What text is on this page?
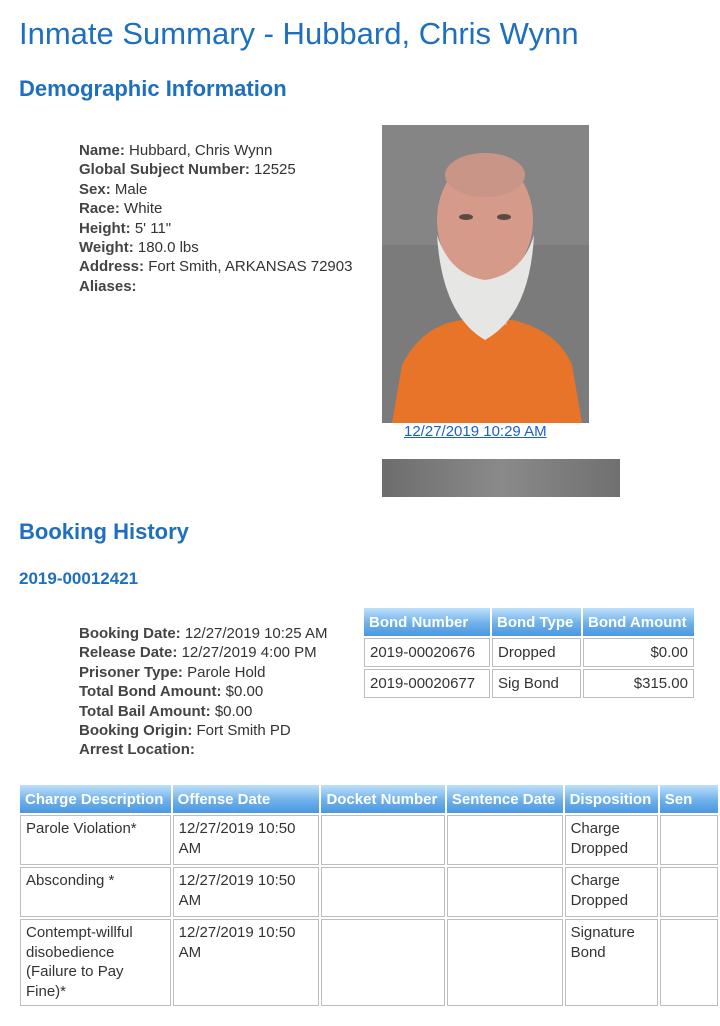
Inmate Summary - Hubbard, Chris Wynn
Demographic Information
Name: Hubbard, Chris Wynn
Global Subject Number: 12525
Sex: Male
Race: White
Height: 5' 11"
Weight: 180.0 lbs
Address: Fort Smith, ARKANSAS 72903
Aliases:
12/27/2019 10:29 AM
Booking History
2019-00012421
Booking Date: 12/27/2019 10:25 AM
Release Date: 12/27/2019 4:00 PM
Prisoner Type: Parole Hold
Total Bond Amount: $0.00
Total Bail Amount: $0.00
Booking Origin: Fort Smith PD
Arrest Location:
Bond Number	Bond Type	Bond Amount
2019-00020676	Dropped	$0.00
2019-00020677	Sig Bond	$315.00
Charge Description	Offense Date	Docket Number	Sentence Date	Disposition	Sen
Parole Violation*	12/27/2019 10:50 AM			Charge Dropped	
Absconding *	12/27/2019 10:50 AM			Charge Dropped	
Contempt-willful disobedience (Failure to Pay Fine)*	12/27/2019 10:50 AM			Signature Bond	
